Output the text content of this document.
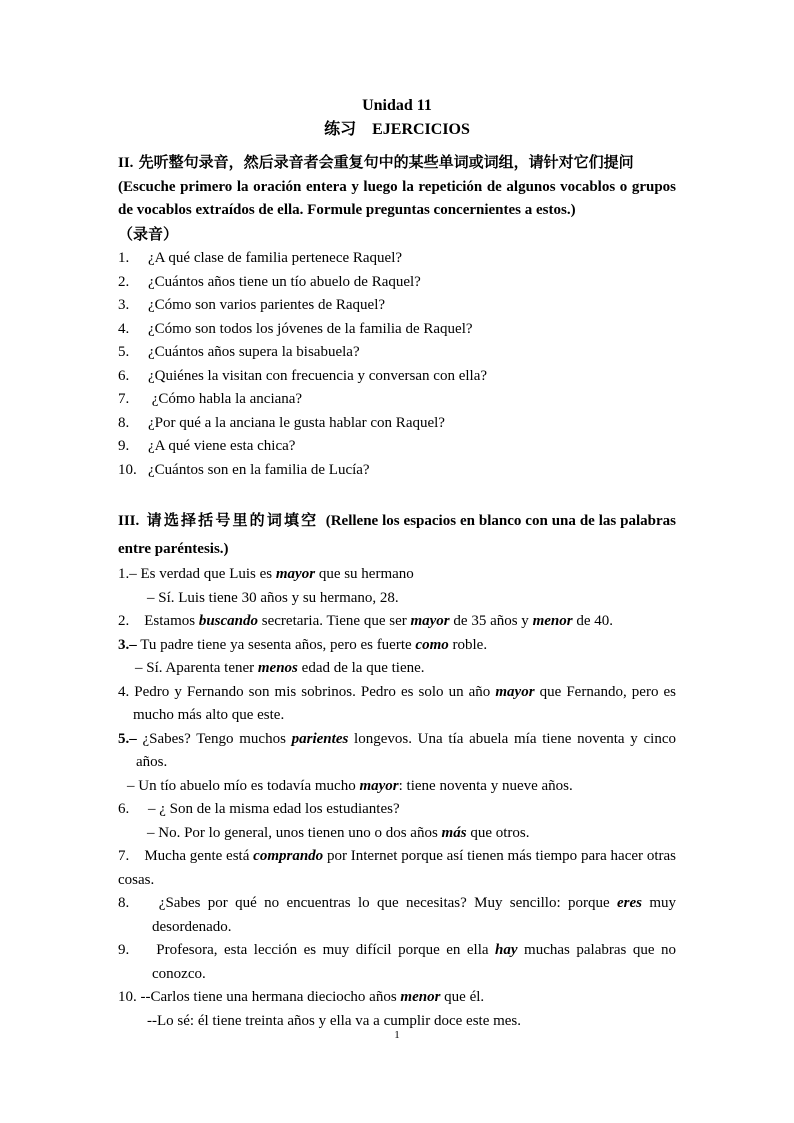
Unidad 11
练习　EJERCICIOS
II. 先听整句录音，然后录音者会重复句中的某些单词或词组，请针对它们提问
(Escuche primero la oración entera y luego la repetición de algunos vocablos o grupos de vocablos extraídos de ella. Formule preguntas concernientes a estos.)
（录音）
1.	¿A qué clase de familia pertenece Raquel?
2.	¿Cuántos años tiene un tío abuelo de Raquel?
3.	¿Cómo son varios parientes de Raquel?
4.	¿Cómo son todos los jóvenes de la familia de Raquel?
5.	¿Cuántos años supera la bisabuela?
6.	¿Quiénes la visitan con frecuencia y conversan con ella?
7.	¿Cómo habla la anciana?
8.	¿Por qué a la anciana le gusta hablar con Raquel?
9.	¿A qué viene esta chica?
10. ¿Cuántos son en la familia de Lucía?
III. 请选择括号里的词填空 (Rellene los espacios en blanco con una de las palabras entre paréntesis.)
1.– Es verdad que Luis es mayor que su hermano
– Sí. Luis tiene 30 años y su hermano, 28.
2.　Estamos buscando secretaria. Tiene que ser mayor de 35 años y menor de 40.
3.– Tu padre tiene ya sesenta años, pero es fuerte como roble.
– Sí. Aparenta tener menos edad de la que tiene.
4. Pedro y Fernando son mis sobrinos. Pedro es solo un año mayor que Fernando, pero es mucho más alto que este.
5.– ¿Sabes? Tengo muchos parientes longevos. Una tía abuela mía tiene noventa y cinco años.
– Un tío abuelo mío es todavía mucho mayor: tiene noventa y nueve años.
6.　 – ¿ Son de la misma edad los estudiantes?
– No. Por lo general, unos tienen uno o dos años más que otros.
7.　Mucha gente está comprando por Internet porque así tienen más tiempo para hacer otras cosas.
8.　 ¿Sabes por qué no encuentras lo que necesitas? Muy sencillo: porque eres muy desordenado.
9.　 Profesora, esta lección es muy difícil porque en ella hay muchas palabras que no conozco.
10. --Carlos tiene una hermana dieciocho años menor que él.
--Lo sé: él tiene treinta años y ella va a cumplir doce este mes.
1
